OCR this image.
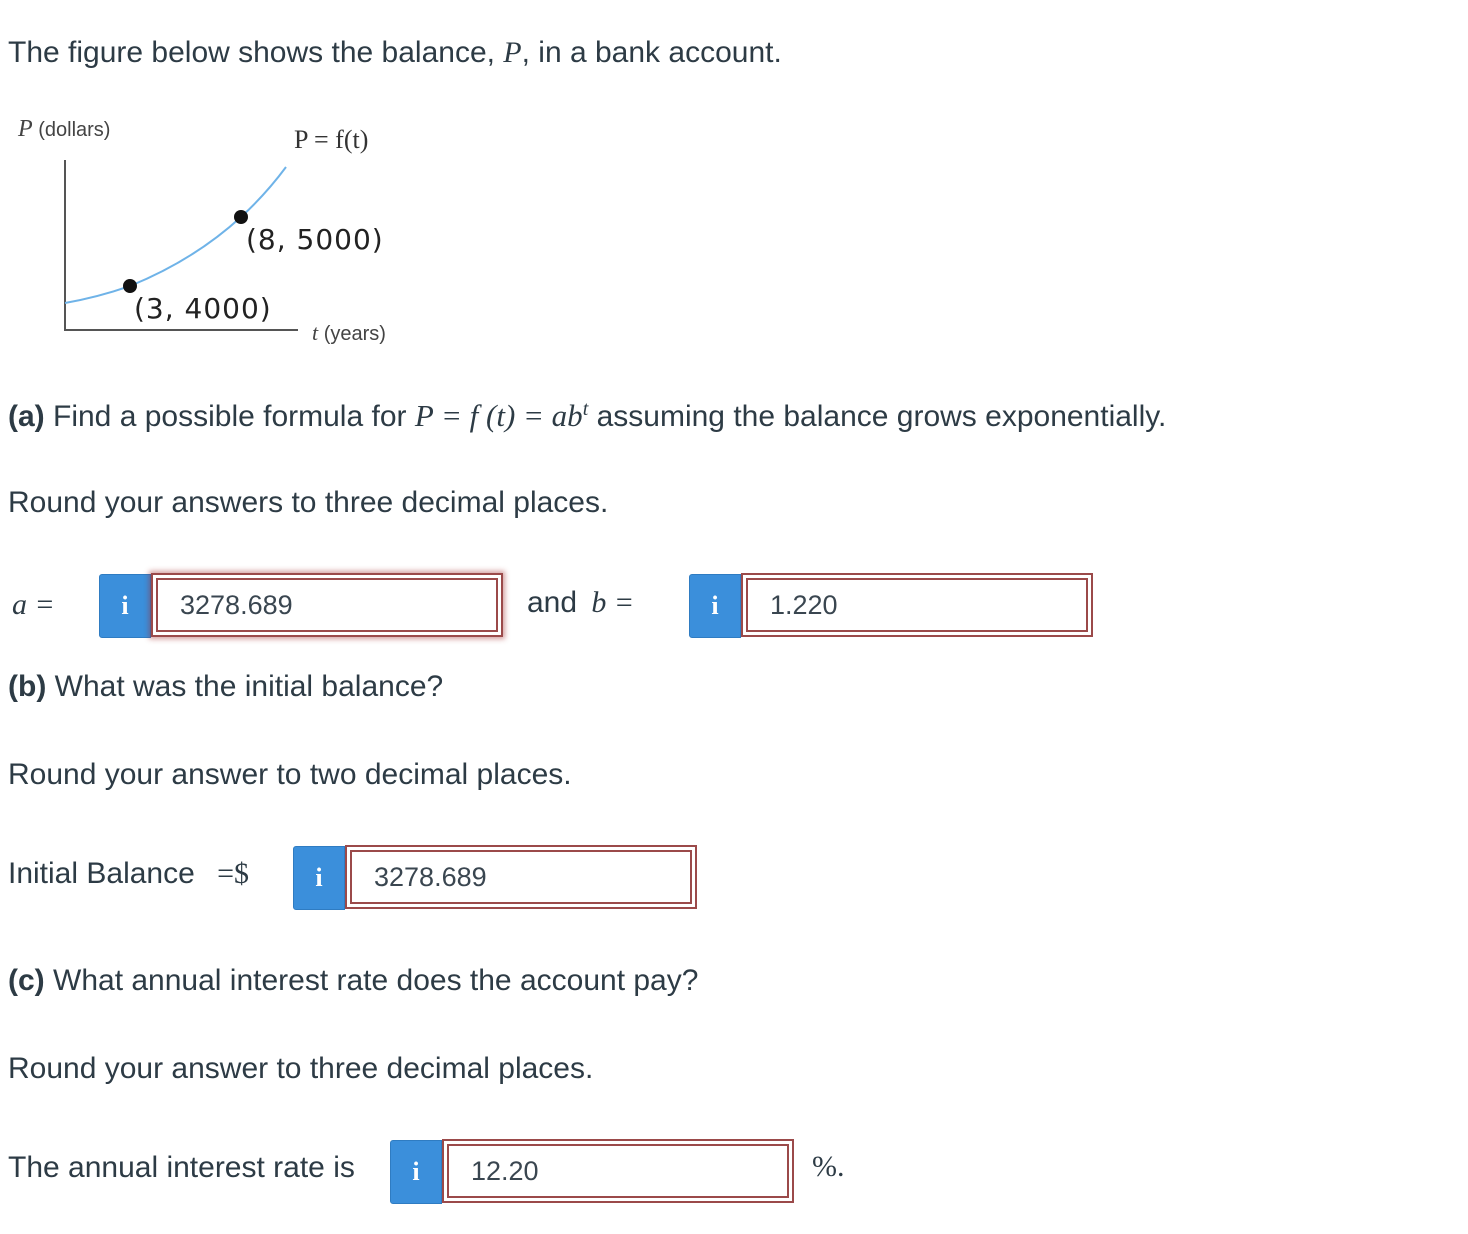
The figure below shows the balance, P, in a bank account.
P (dollars)	P = f(t)
(8, 5000)
(3, 4000)
t (years)
(a) Find a possible formula for P = f $(t) = ab^t$ assuming the balance grows exponentially.
Round your answers to three decimal places.
a =	i	3278.689	and b =	i	1.220
(b) What was the initial balance?
Round your answer to two decimal places.
Initial Balance =$	i	3278.689
(c) What annual interest rate does the account pay?
Round your answer to three decimal places.
The annual interest rate is	i	12.20	%.
